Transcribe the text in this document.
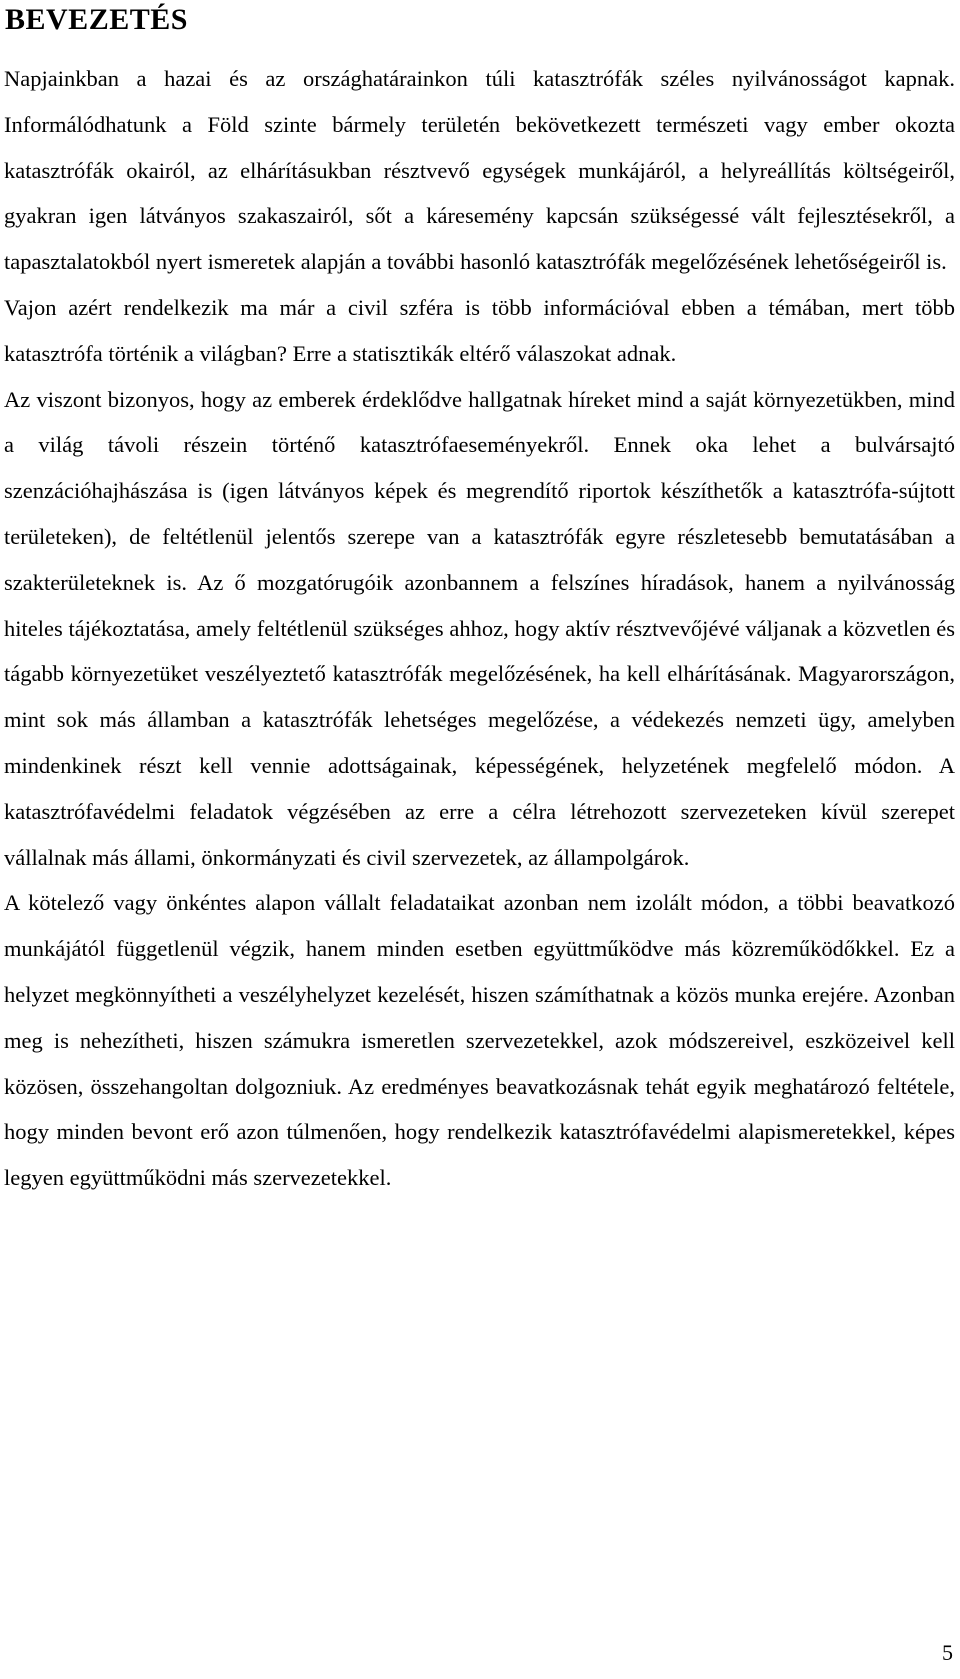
BEVEZETÉS

Napjainkban a hazai és az országhatárainkon túli katasztrófák széles nyilvánosságot kapnak. Informálódhatunk a Föld szinte bármely területén bekövetkezett természeti vagy ember okozta katasztrófák okairól, az elhárításukban résztvevő egységek munkájáról, a helyreállítás költségeiről, gyakran igen látványos szakaszairól, sőt a káresemény kapcsán szükségessé vált fejlesztésekről, a tapasztalatokból nyert ismeretek alapján a további hasonló katasztrófák megelőzésének lehetőségeiről is.

Vajon azért rendelkezik ma már a civil szféra is több információval ebben a témában, mert több katasztrófa történik a világban? Erre a statisztikák eltérő válaszokat adnak.

Az viszont bizonyos, hogy az emberek érdeklődve hallgatnak híreket mind a saját környezetükben, mind a világ távoli részein történő katasztrófaeseményekről. Ennek oka lehet a bulvársajtó szenzációhajhászása is (igen látványos képek és megrendítő riportok készíthetők a katasztrófa-sújtott területeken), de feltétlenül jelentős szerepe van a katasztrófák egyre részletesebb bemutatásában a szakterületeknek is. Az ő mozgatórugóik azonbannem a felszínes híradások, hanem a nyilvánosság hiteles tájékoztatása, amely feltétlenül szükséges ahhoz, hogy aktív résztvevőjévé váljanak a közvetlen és tágabb környezetüket veszélyeztető katasztrófák megelőzésének, ha kell elhárításának. Magyarországon, mint sok más államban a katasztrófák lehetséges megelőzése, a védekezés nemzeti ügy, amelyben mindenkinek részt kell vennie adottságainak, képességének, helyzetének megfelelő módon. A katasztrófavédelmi feladatok végzésében az erre a célra létrehozott szervezeteken kívül szerepet vállalnak más állami, önkormányzati és civil szervezetek, az állampolgárok.

A kötelező vagy önkéntes alapon vállalt feladataikat azonban nem izolált módon, a többi beavatkozó munkájától függetlenül végzik, hanem minden esetben együttműködve más közreműködőkkel. Ez a helyzet megkönnyítheti a veszélyhelyzet kezelését, hiszen számíthatnak a közös munka erejére. Azonban meg is nehezítheti, hiszen számukra ismeretlen szervezetekkel, azok módszereivel, eszközeivel kell közösen, összehangoltan dolgozniuk. Az eredményes beavatkozásnak tehát egyik meghatározó feltétele, hogy minden bevont erő azon túlmenően, hogy rendelkezik katasztrófavédelmi alapismeretekkel, képes legyen együttműködni más szervezetekkel.

5
